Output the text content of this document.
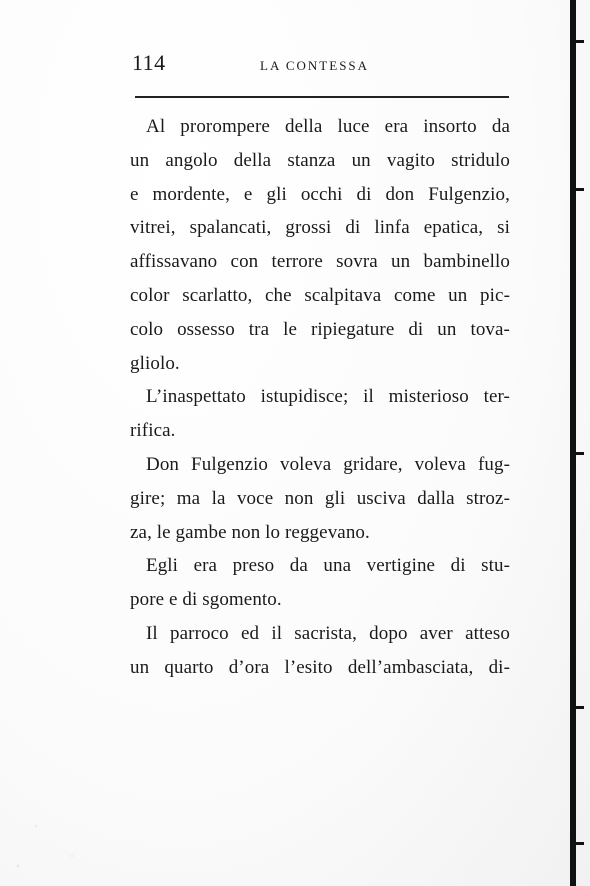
114	LA CONTESSA
Al prorompere della luce era insorto da
un angolo della stanza un vagito stridulo
e mordente, e gli occhi di don Fulgenzio,
vitrei, spalancati, grossi di linfa epatica, si
affissavano con terrore sovra un bambinello
color scarlatto, che scalpitava come un pic-
colo ossesso tra le ripiegature di un tova-
gliolo.
L’inaspettato istupidisce; il misterioso ter-
rifica.
Don Fulgenzio voleva gridare, voleva fug-
gire; ma la voce non gli usciva dalla stroz-
za, le gambe non lo reggevano.
Egli era preso da una vertigine di stu-
pore e di sgomento.
Il parroco ed il sacrista, dopo aver atteso
un quarto d’ora l’esito dell’ambasciata, di-
